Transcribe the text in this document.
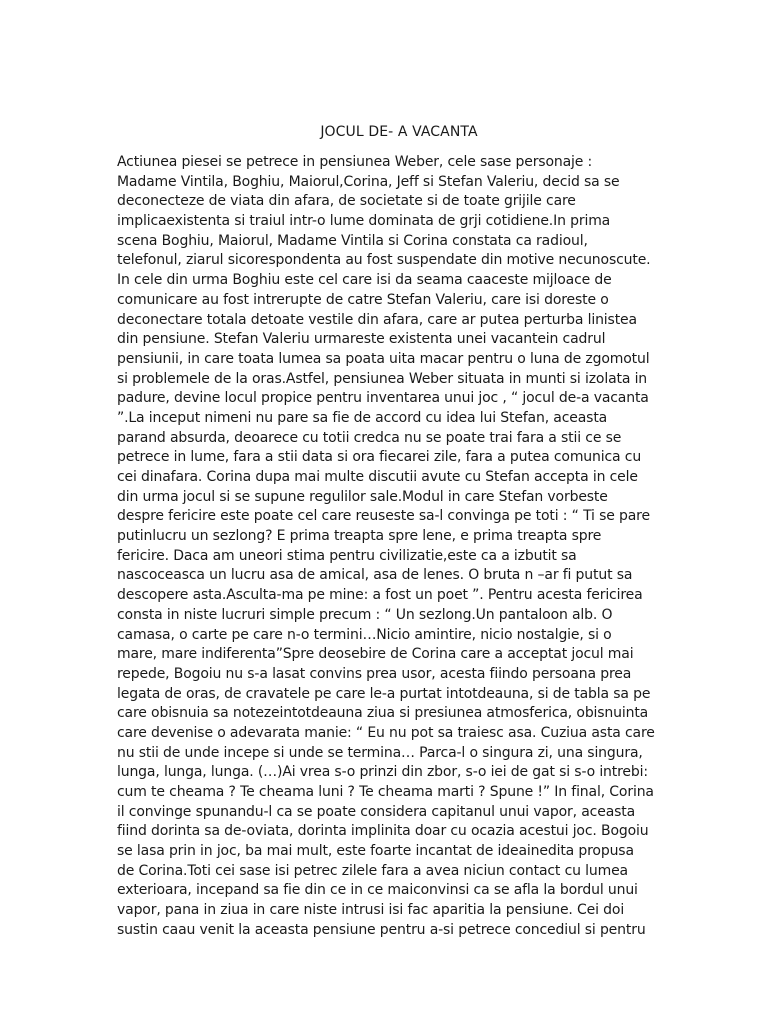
JOCUL DE- A VACANTA
Actiunea piesei se petrece in pensiunea Weber, cele sase personaje :
Madame Vintila, Boghiu, Maiorul,Corina, Jeff si Stefan Valeriu, decid sa se
deconecteze de viata din afara, de societate si de toate grijile care
implicaexistenta si traiul intr-o lume dominata de grji cotidiene.In prima
scena Boghiu, Maiorul, Madame Vintila si Corina constata ca radioul,
telefonul, ziarul sicorespondenta au fost suspendate din motive necunoscute.
In cele din urma Boghiu este cel care isi da seama caaceste mijloace de
comunicare au fost intrerupte de catre Stefan Valeriu, care isi doreste o
deconectare totala detoate vestile din afara, care ar putea perturba linistea
din pensiune. Stefan Valeriu urmareste existenta unei vacantein cadrul
pensiunii, in care toata lumea sa poata uita macar pentru o luna de zgomotul
si problemele de la oras.Astfel, pensiunea Weber situata in munti si izolata in
padure, devine locul propice pentru inventarea unui joc , “ jocul de-a vacanta
”.La inceput nimeni nu pare sa fie de accord cu idea lui Stefan, aceasta
parand absurda, deoarece cu totii credca nu se poate trai fara a stii ce se
petrece in lume, fara a stii data si ora fiecarei zile, fara a putea comunica cu
cei dinafara. Corina dupa mai multe discutii avute cu Stefan accepta in cele
din urma jocul si se supune regulilor sale.Modul in care Stefan vorbeste
despre fericire este poate cel care reuseste sa-l convinga pe toti : “ Ti se pare
putinlucru un sezlong? E prima treapta spre lene, e prima treapta spre
fericire. Daca am uneori stima pentru civilizatie,este ca a izbutit sa
nascoceasca un lucru asa de amical, asa de lenes. O bruta n –ar fi putut sa
descopere asta.Asculta-ma pe mine: a fost un poet ”. Pentru acesta fericirea
consta in niste lucruri simple precum : “ Un sezlong.Un pantaloon alb. O
camasa, o carte pe care n-o termini…Nicio amintire, nicio nostalgie, si o
mare, mare indiferenta”Spre deosebire de Corina care a acceptat jocul mai
repede, Bogoiu nu s-a lasat convins prea usor, acesta fiindo persoana prea
legata de oras, de cravatele pe care le-a purtat intotdeauna, si de tabla sa pe
care obisnuia sa notezeintotdeauna ziua si presiunea atmosferica, obisnuinta
care devenise o adevarata manie: “ Eu nu pot sa traiesc asa. Cuziua asta care
nu stii de unde incepe si unde se termina… Parca-l o singura zi, una singura,
lunga, lunga, lunga. (…)Ai vrea s-o prinzi din zbor, s-o iei de gat si s-o intrebi:
cum te cheama ? Te cheama luni ? Te cheama marti ? Spune !” In final, Corina
il convinge spunandu-l ca se poate considera capitanul unui vapor, aceasta
fiind dorinta sa de-oviata, dorinta implinita doar cu ocazia acestui joc. Bogoiu
se lasa prin in joc, ba mai mult, este foarte incantat de ideainedita propusa
de Corina.Toti cei sase isi petrec zilele fara a avea niciun contact cu lumea
exterioara, incepand sa fie din ce in ce maiconvinsi ca se afla la bordul unui
vapor, pana in ziua in care niste intrusi isi fac aparitia la pensiune. Cei doi
sustin caau venit la aceasta pensiune pentru a-si petrece concediul si pentru
